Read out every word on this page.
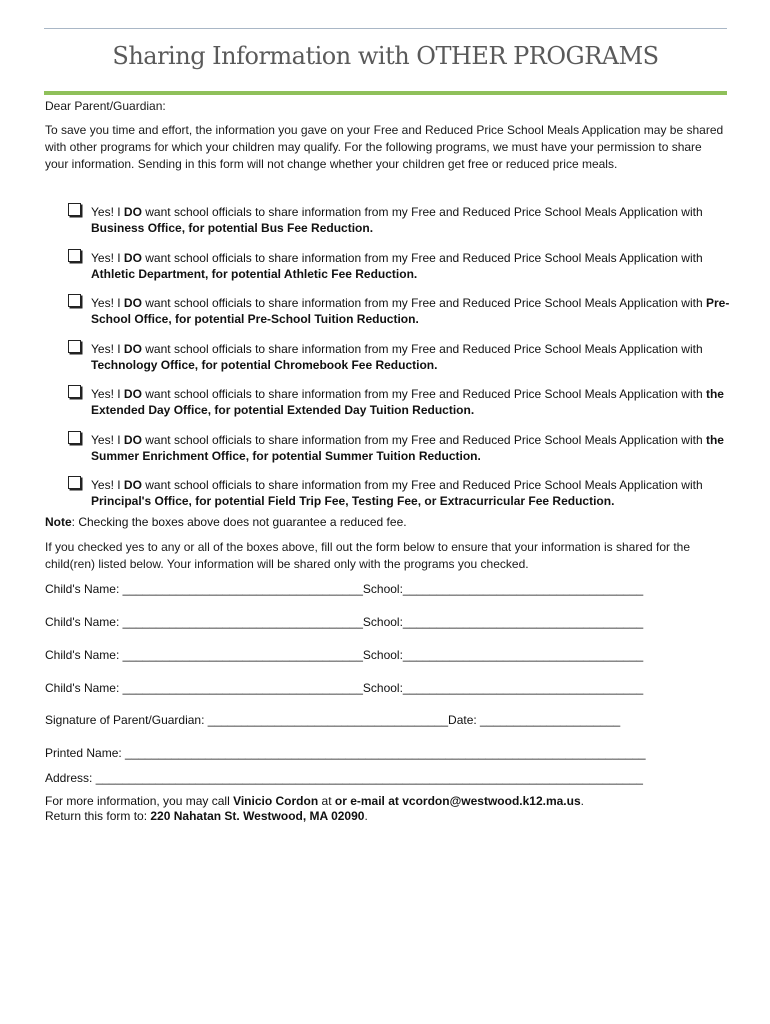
Sharing Information with OTHER PROGRAMS
Dear Parent/Guardian:
To save you time and effort, the information you gave on your Free and Reduced Price School Meals Application may be shared with other programs for which your children may qualify. For the following programs, we must have your permission to share your information. Sending in this form will not change whether your children get free or reduced price meals.
Yes! I DO want school officials to share information from my Free and Reduced Price School Meals Application with Business Office, for potential Bus Fee Reduction.
Yes! I DO want school officials to share information from my Free and Reduced Price School Meals Application with Athletic Department, for potential Athletic Fee Reduction.
Yes! I DO want school officials to share information from my Free and Reduced Price School Meals Application with Pre-School Office, for potential Pre-School Tuition Reduction.
Yes! I DO want school officials to share information from my Free and Reduced Price School Meals Application with Technology Office, for potential Chromebook Fee Reduction.
Yes! I DO want school officials to share information from my Free and Reduced Price School Meals Application with the Extended Day Office, for potential Extended Day Tuition Reduction.
Yes! I DO want school officials to share information from my Free and Reduced Price School Meals Application with the Summer Enrichment Office, for potential Summer Tuition Reduction.
Yes! I DO want school officials to share information from my Free and Reduced Price School Meals Application with Principal's Office, for potential Field Trip Fee, Testing Fee, or Extracurricular Fee Reduction.
Note: Checking the boxes above does not guarantee a reduced fee.
If you checked yes to any or all of the boxes above, fill out the form below to ensure that your information is shared for the child(ren) listed below. Your information will be shared only with the programs you checked.
Child's Name: ____________________________________School:____________________________________
Child's Name: ____________________________________School:____________________________________
Child's Name: ____________________________________School:____________________________________
Child's Name: ____________________________________School:____________________________________
Signature of Parent/Guardian: ____________________________________Date: _____________________
Printed Name: ______________________________________________________________________________
Address: __________________________________________________________________________________
For more information, you may call Vinicio Cordon at or e-mail at vcordon@westwood.k12.ma.us.
Return this form to: 220 Nahatan St. Westwood, MA 02090.
